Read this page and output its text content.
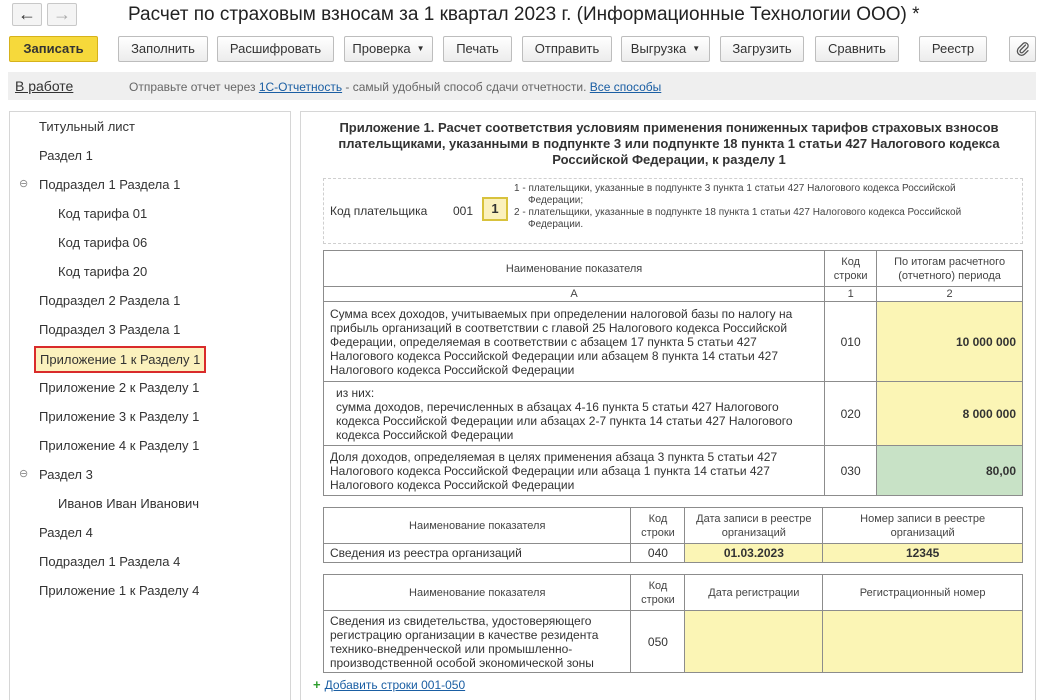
← →	Расчет по страховым взносам за 1 квартал 2023 г. (Информационные Технологии ООО) *
Записать	Заполнить	Расшифровать	Проверка ▼	Печать	Отправить	Выгрузка ▼	Загрузить	Сравнить	Реестр
В работе	Отправьте отчет через 1С-Отчетность - самый удобный способ сдачи отчетности. Все способы
Титульный лист
Раздел 1
⊖ Подраздел 1 Раздела 1
Код тарифа 01
Код тарифа 06
Код тарифа 20
Подраздел 2 Раздела 1
Подраздел 3 Раздела 1
Приложение 1 к Разделу 1
Приложение 2 к Разделу 1
Приложение 3 к Разделу 1
Приложение 4 к Разделу 1
⊖ Раздел 3
Иванов Иван Иванович
Раздел 4
Подраздел 1 Раздела 4
Приложение 1 к Разделу 4
Приложение 1. Расчет соответствия условиям применения пониженных тарифов страховых взносов плательщиками, указанными в подпункте 3 или подпункте 18 пункта 1 статьи 427 Налогового кодекса Российской Федерации, к разделу 1
Код плательщика 001	1
1 - плательщики, указанные в подпункте 3 пункта 1 статьи 427 Налогового кодекса Российской Федерации;
2 - плательщики, указанные в подпункте 18 пункта 1 статьи 427 Налогового кодекса Российской Федерации.
Наименование показателя	Код строки	По итогам расчетного (отчетного) периода
А	1	2
Сумма всех доходов, учитываемых при определении налоговой базы по налогу на прибыль организаций в соответствии с главой 25 Налогового кодекса Российской Федерации, определяемая в соответствии с абзацем 17 пункта 5 статьи 427 Налогового кодекса Российской Федерации или абзацем 8 пункта 14 статьи 427 Налогового кодекса Российской Федерации	010	10 000 000

из них:
сумма доходов, перечисленных в абзацах 4-16 пункта 5 статьи 427 Налогового кодекса Российской Федерации или абзацах 2-7 пункта 14 статьи 427 Налогового кодекса Российской Федерации	020	8 000 000
Доля доходов, определяемая в целях применения абзаца 3 пункта 5 статьи 427 Налогового кодекса Российской Федерации или абзаца 1 пункта 14 статьи 427 Налогового кодекса Российской Федерации	030	80,00
Наименование показателя	Код строки	Дата записи в реестре организаций	Номер записи в реестре организаций
Сведения из реестра организаций	040	01.03.2023	12345
Наименование показателя	Код строки	Дата регистрации	Регистрационный номер
Сведения из свидетельства, удостоверяющего регистрацию организации в качестве резидента технико-внедренческой или промышленно-производственной особой экономической зоны	050		
+ Добавить строки 001-050
